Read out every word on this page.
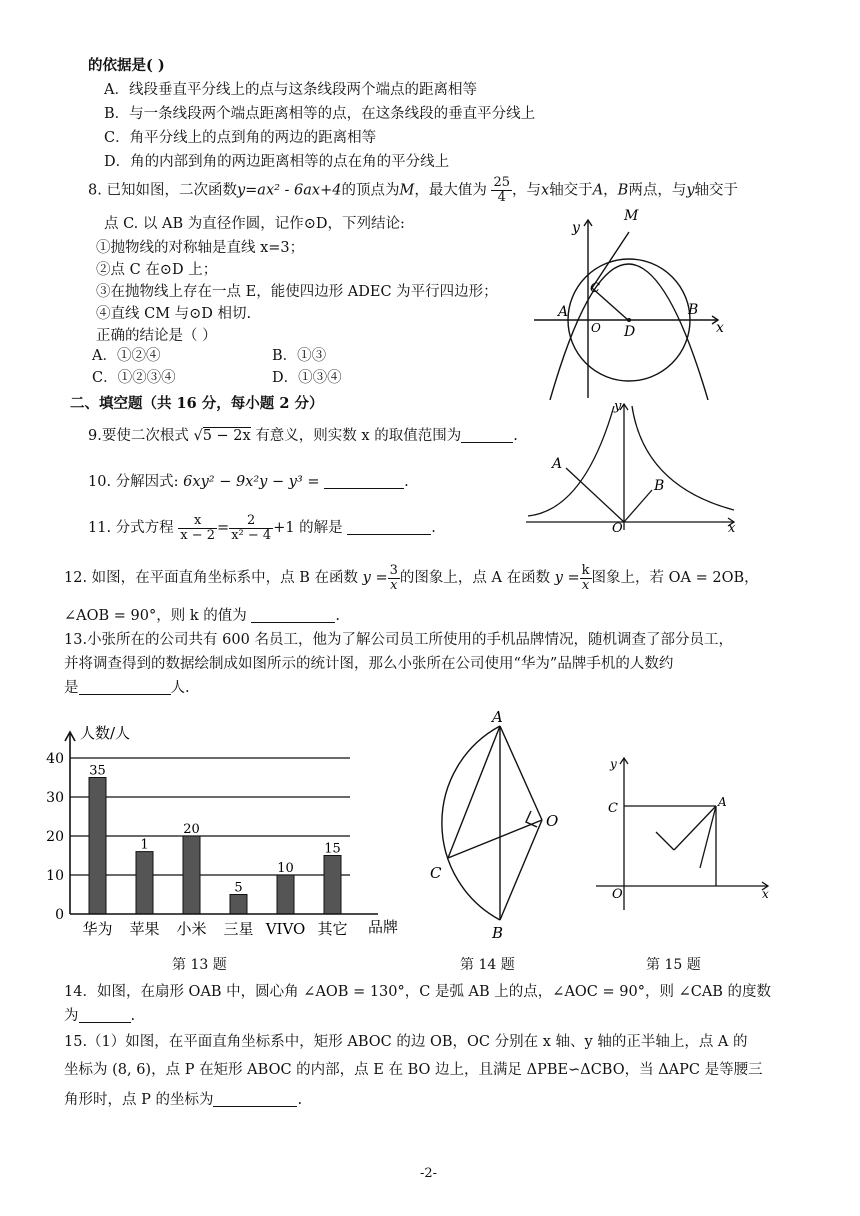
的依据是( )
A．线段垂直平分线上的点与这条线段两个端点的距离相等
B．与一条线段两个端点距离相等的点，在这条线段的垂直平分线上
C．角平分线上的点到角的两边的距离相等
D．角的内部到角的两边距离相等的点在角的平分线上
8. 已知如图，二次函数y=ax² - 6ax+4的顶点为M，最大值为 $\frac{25}{4}$ ，与x轴交于A，B两点，与y轴交于
点 C. 以 AB 为直径作圆，记作⊙D，下列结论:
①抛物线的对称轴是直线 x=3；
②点 C 在⊙D 上；
③在抛物线上存在一点 E，能使四边形 ADEC 为平行四边形；
④直线 CM 与⊙D 相切.
正确的结论是（ ）
A．①②④	B．①③
C．①②③④	D．①③④
y
M
C
A
O D
B
x
二、填空题（共 16 分，每小题 2 分）
9.要使二次根式 √5 − 2x 有意义，则实数 x 的取值范围为	.
10. 分解因式: 6xy² − 9x²y − y³ =	.
11. 分式方程 $\frac{x}{x - 2} = \frac{2}{\text{x² − 4}} +1$ 的解是	.
y
A
B
O	x
12. 如图，在平面直角坐标系中，点 B 在函数 $y = \frac{3}{x}$的图象上，点 A 在函数 $y = \frac{k}{x}$图象上，若 OA = 2OB，
∠AOB = 90°，则 k 的值为	.
13.小张所在的公司共有 600 名员工，他为了解公司员工所使用的手机品牌情况，随机调查了部分员工，
并将调查得到的数据绘制成如图所示的统计图，那么小张所在公司使用“华为”品牌手机的人数约
是	人.
0
10
20
30
40
35
华为
1
苹果
20
小米
5
三星
10
VIVO
15
其它
人数/人
品牌
A
O
C
B
y
C	A
O	x
第 13 题	第 14 题	第 15 题
14．如图，在扇形 OAB 中，圆心角 ∠AOB = 130°，C 是弧 AB 上的点，∠AOC = 90°，则 ∠CAB 的度数
为	.
15.（1）如图，在平面直角坐标系中，矩形 ABOC 的边 OB，OC 分别在 x 轴、y 轴的正半轴上，点 A 的
坐标为 (8, 6)，点 P 在矩形 ABOC 的内部，点 E 在 BO 边上，且满足 ΔPBE∽ΔCBO，当 ΔAPC 是等腰三
角形时，点 P 的坐标为	.
-2-
